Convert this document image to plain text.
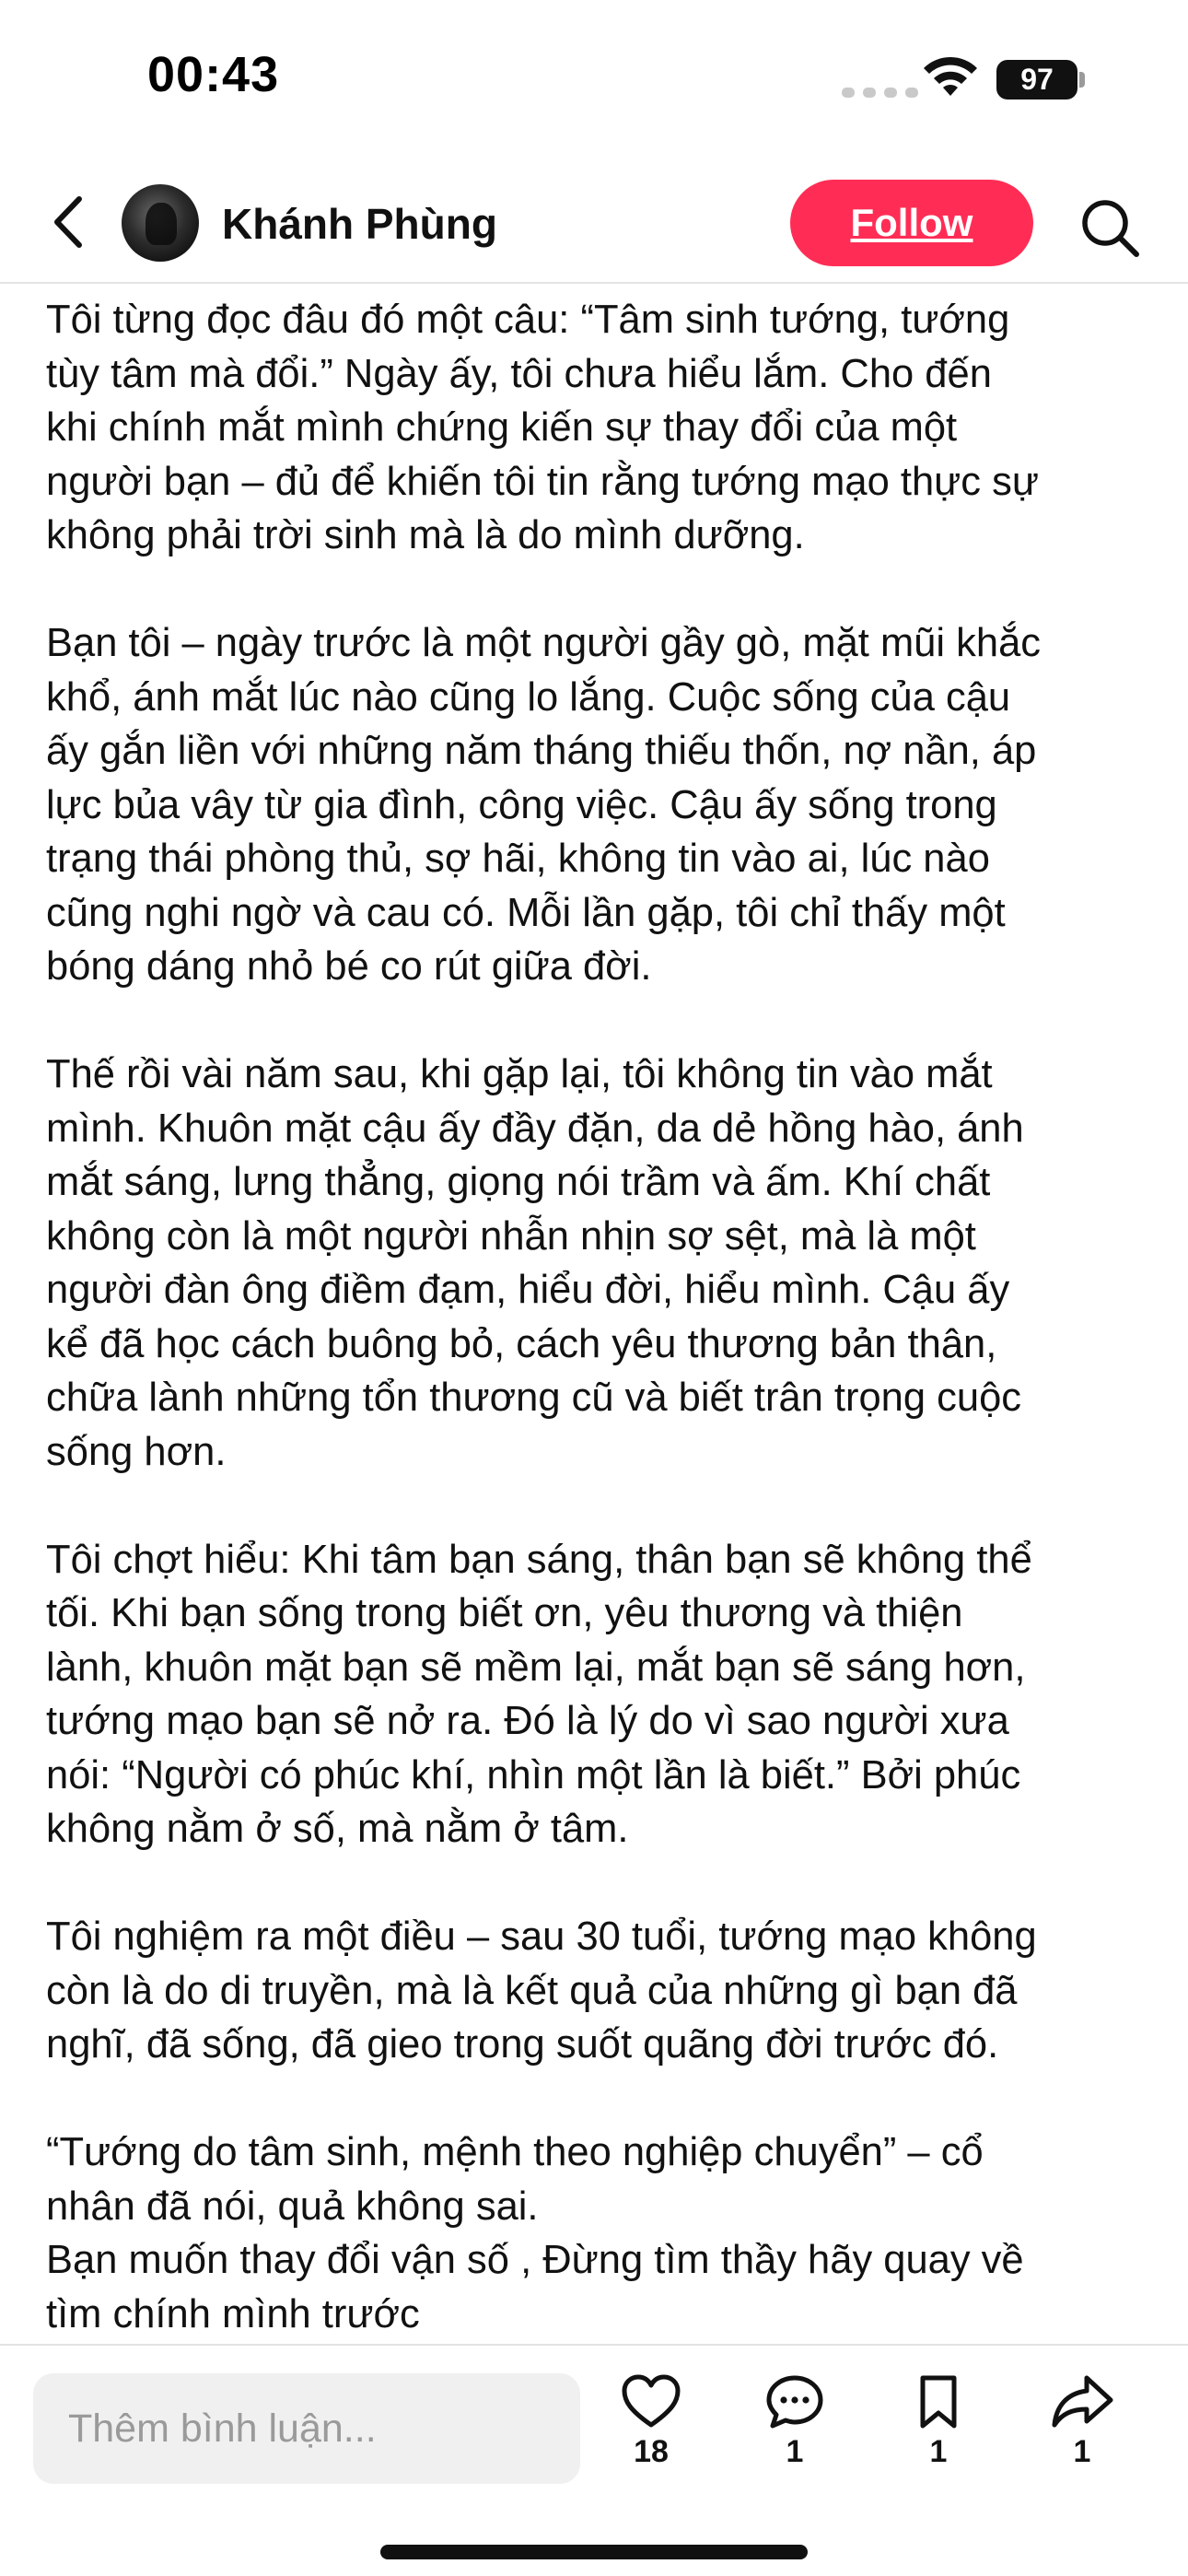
00:43	97
Khánh Phùng	Follow
Tôi từng đọc đâu đó một câu: “Tâm sinh tướng, tướng
tùy tâm mà đổi.” Ngày ấy, tôi chưa hiểu lắm. Cho đến
khi chính mắt mình chứng kiến sự thay đổi của một
người bạn – đủ để khiến tôi tin rằng tướng mạo thực sự
không phải trời sinh mà là do mình dưỡng.

Bạn tôi – ngày trước là một người gầy gò, mặt mũi khắc
khổ, ánh mắt lúc nào cũng lo lắng. Cuộc sống của cậu
ấy gắn liền với những năm tháng thiếu thốn, nợ nần, áp
lực bủa vây từ gia đình, công việc. Cậu ấy sống trong
trạng thái phòng thủ, sợ hãi, không tin vào ai, lúc nào
cũng nghi ngờ và cau có. Mỗi lần gặp, tôi chỉ thấy một
bóng dáng nhỏ bé co rút giữa đời.

Thế rồi vài năm sau, khi gặp lại, tôi không tin vào mắt
mình. Khuôn mặt cậu ấy đầy đặn, da dẻ hồng hào, ánh
mắt sáng, lưng thẳng, giọng nói trầm và ấm. Khí chất
không còn là một người nhẫn nhịn sợ sệt, mà là một
người đàn ông điềm đạm, hiểu đời, hiểu mình. Cậu ấy
kể đã học cách buông bỏ, cách yêu thương bản thân,
chữa lành những tổn thương cũ và biết trân trọng cuộc
sống hơn.

Tôi chợt hiểu: Khi tâm bạn sáng, thân bạn sẽ không thể
tối. Khi bạn sống trong biết ơn, yêu thương và thiện
lành, khuôn mặt bạn sẽ mềm lại, mắt bạn sẽ sáng hơn,
tướng mạo bạn sẽ nở ra. Đó là lý do vì sao người xưa
nói: “Người có phúc khí, nhìn một lần là biết.” Bởi phúc
không nằm ở số, mà nằm ở tâm.

Tôi nghiệm ra một điều – sau 30 tuổi, tướng mạo không
còn là do di truyền, mà là kết quả của những gì bạn đã
nghĩ, đã sống, đã gieo trong suốt quãng đời trước đó.

“Tướng do tâm sinh, mệnh theo nghiệp chuyển” – cổ
nhân đã nói, quả không sai.
Bạn muốn thay đổi vận số , Đừng tìm thầy hãy quay về
tìm chính mình trước
Thêm bình luận...
18	1	1	1
